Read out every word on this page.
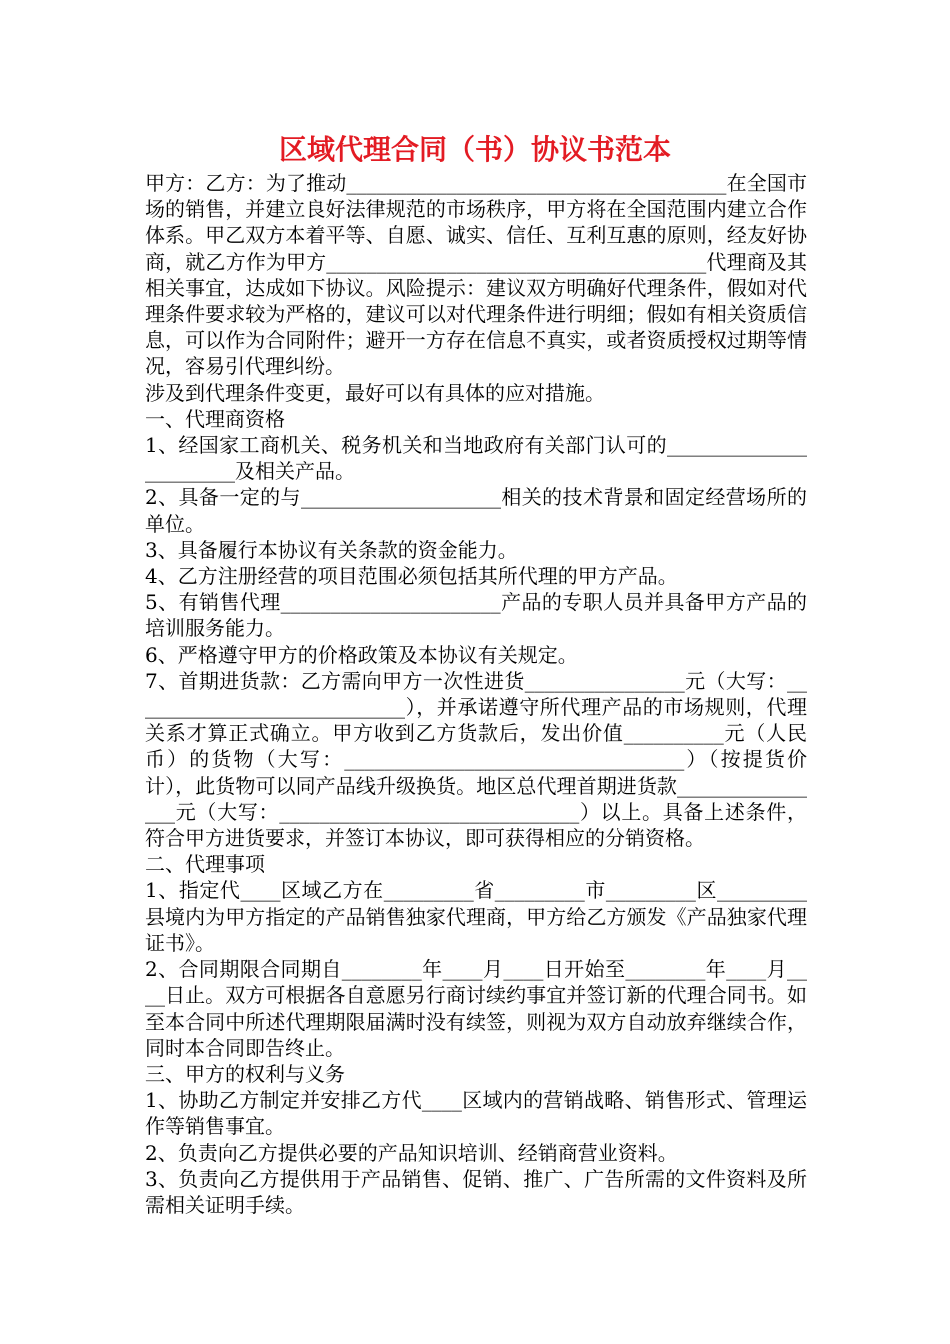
区域代理合同（书）协议书范本

甲方：乙方：为了推动______________________________________在全国市场的销售，并建立良好法律规范的市场秩序，甲方将在全国范围内建立合作体系。甲乙双方本着平等、自愿、诚实、信任、互利互惠的原则，经友好协商，就乙方作为甲方______________________________________代理商及其相关事宜，达成如下协议。风险提示：建议双方明确好代理条件，假如对代理条件要求较为严格的，建议可以对代理条件进行明细；假如有相关资质信息，可以作为合同附件；避开一方存在信息不真实，或者资质授权过期等情况，容易引代理纠纷。

涉及到代理条件变更，最好可以有具体的应对措施。

一、代理商资格

1、经国家工商机关、税务机关和当地政府有关部门认可的_______________________及相关产品。

2、具备一定的与____________________相关的技术背景和固定经营场所的单位。

3、具备履行本协议有关条款的资金能力。

4、乙方注册经营的项目范围必须包括其所代理的甲方产品。

5、有销售代理______________________产品的专职人员并具备甲方产品的培训服务能力。

6、严格遵守甲方的价格政策及本协议有关规定。

7、首期进货款：乙方需向甲方一次性进货________________元（大写：____________________________），并承诺遵守所代理产品的市场规则，代理关系才算正式确立。甲方收到乙方货款后，发出价值__________元（人民币）的货物（大写：__________________________________）（按提货价计），此货物可以同产品线升级换货。地区总代理首期进货款________________元（大写：______________________________）以上。具备上述条件，符合甲方进货要求，并签订本协议，即可获得相应的分销资格。

二、代理事项

1、指定代____区域乙方在_________省_________市_________区_________县境内为甲方指定的产品销售独家代理商，甲方给乙方颁发《产品独家代理证书》。

2、合同期限合同期自________年____月____日开始至________年____月____日止。双方可根据各自意愿另行商讨续约事宜并签订新的代理合同书。如至本合同中所述代理期限届满时没有续签，则视为双方自动放弃继续合作，同时本合同即告终止。

三、甲方的权利与义务

1、协助乙方制定并安排乙方代____区域内的营销战略、销售形式、管理运作等销售事宜。

2、负责向乙方提供必要的产品知识培训、经销商营业资料。

3、负责向乙方提供用于产品销售、促销、推广、广告所需的文件资料及所需相关证明手续。
